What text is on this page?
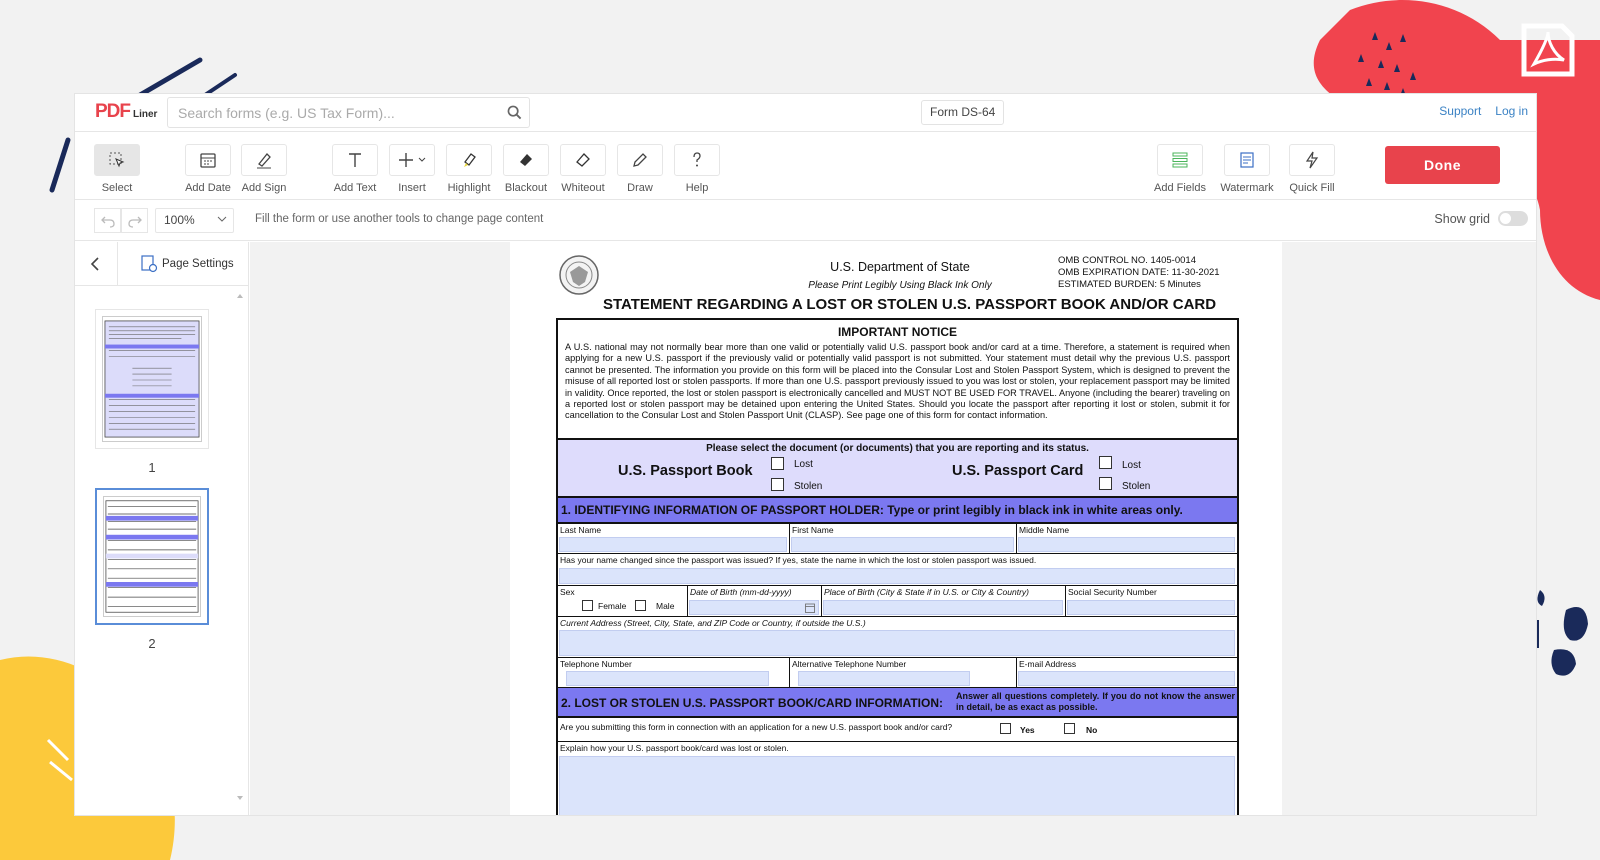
PDF Liner
Search forms (e.g. US Tax Form)...	Form DS-64	Support Log in
Select	Add Date Add Sign	Add Text Insert Highlight Blackout Whiteout Draw	Help	Add Fields Watermark Quick Fill
Done
100%	Fill the form or use another tools to change page content	Show grid
Page Settings
1
2
U.S. Department of State
Please Print Legibly Using Black Ink Only
OMB CONTROL NO. 1405-0014
OMB EXPIRATION DATE: 11-30-2021
ESTIMATED BURDEN: 5 Minutes
STATEMENT REGARDING A LOST OR STOLEN U.S. PASSPORT BOOK AND/OR CARD
IMPORTANT NOTICE
A U.S. national may not normally bear more than one valid or potentially valid U.S. passport book and/or card at a time. Therefore, a statement is required when applying for a new U.S. passport if the previously valid or potentially valid passport is not submitted. Your statement must detail why the previous U.S. passport cannot be presented. The information you provide on this form will be placed into the Consular Lost and Stolen Passport System, which is designed to prevent the misuse of all reported lost or stolen passports. If more than one U.S. passport previously issued to you was lost or stolen, your replacement passport may be limited in validity. Once reported, the lost or stolen passport is electronically cancelled and MUST NOT BE USED FOR TRAVEL. Anyone (including the bearer) traveling on a reported lost or stolen passport may be detained upon entering the United States. Should you locate the passport after reporting it lost or stolen, submit it for cancellation to the Consular Lost and Stolen Passport Unit (CLASP). See page one of this form for contact information.
Please select the document (or documents) that you are reporting and its status.
U.S. Passport Book	Lost
Stolen
U.S. Passport Card	Lost
Stolen
1. IDENTIFYING INFORMATION OF PASSPORT HOLDER: Type or print legibly in black ink in white areas only.
Last Name	First Name	Middle Name
Has your name changed since the passport was issued? If yes, state the name in which the lost or stolen passport was issued.
Sex
Female	Male
Date of Birth (mm-dd-yyyy)	Place of Birth (City & State if in U.S. or City & Country)	Social Security Number
Current Address (Street, City, State, and ZIP Code or Country, if outside the U.S.)
Telephone Number	Alternative Telephone Number	E-mail Address
2. LOST OR STOLEN U.S. PASSPORT BOOK/CARD INFORMATION: Answer all questions completely. If you do not know the answer in detail, be as exact as possible.
Are you submitting this form in connection with an application for a new U.S. passport book and/or card?	Yes	No
Explain how your U.S. passport book/card was lost or stolen.
